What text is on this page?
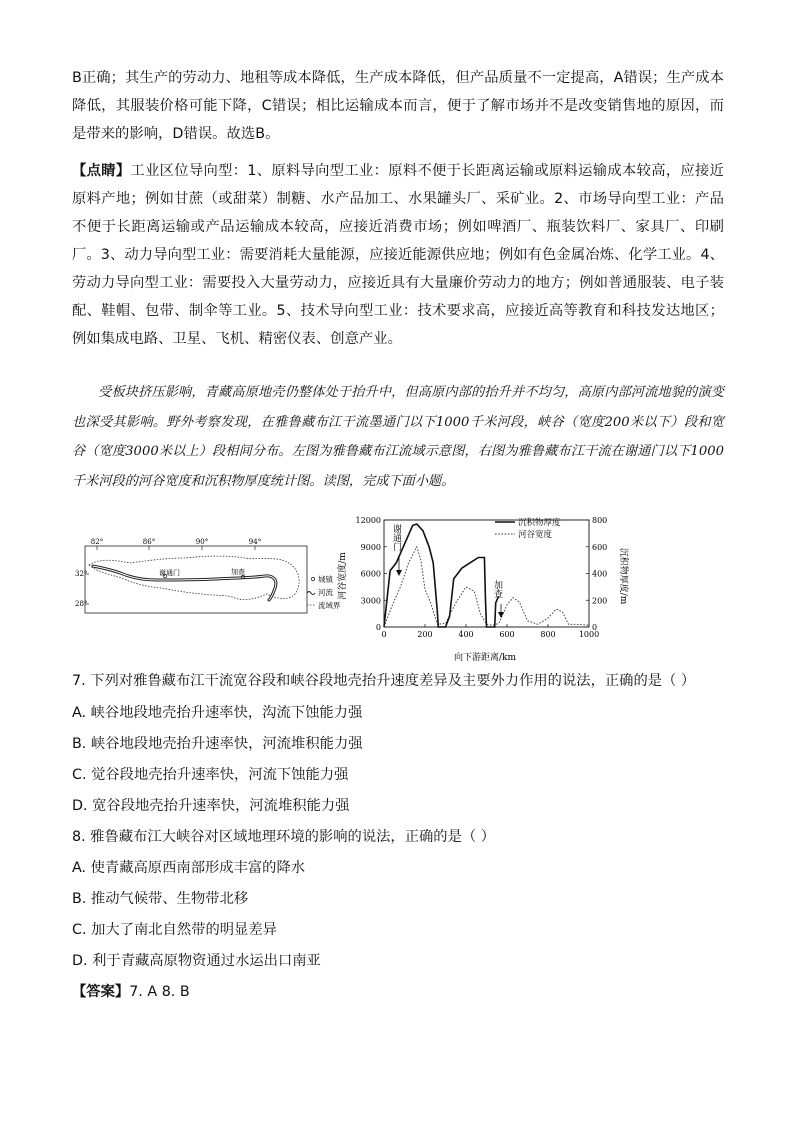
B正确；其生产的劳动力、地租等成本降低，生产成本降低，但产品质量不一定提高，A错误；生产成本降低，其服装价格可能下降，C错误；相比运输成本而言，便于了解市场并不是改变销售地的原因，而是带来的影响，D错误。故选B。

【点睛】工业区位导向型：1、原料导向型工业：原料不便于长距离运输或原料运输成本较高，应接近原料产地；例如甘蔗（或甜菜）制糖、水产品加工、水果罐头厂、采矿业。2、市场导向型工业：产品不便于长距离运输或产品运输成本较高，应接近消费市场；例如啤酒厂、瓶装饮料厂、家具厂、印刷厂。3、动力导向型工业：需要消耗大量能源，应接近能源供应地；例如有色金属冶炼、化学工业。4、劳动力导向型工业：需要投入大量劳动力，应接近具有大量廉价劳动力的地方；例如普通服装、电子装配、鞋帽、包带、制伞等工业。5、技术导向型工业：技术要求高，应接近高等教育和科技发达地区；例如集成电路、卫星、飞机、精密仪表、创意产业。

受板块挤压影响，青藏高原地壳仍整体处于抬升中，但高原内部的抬升并不均匀，高原内部河流地貌的演变也深受其影响。野外考察发现，在雅鲁藏布江干流墨通门以下1000千米河段，峡谷（宽度200米以下）段和宽谷（宽度3000米以上）段相间分布。左图为雅鲁藏布江流域示意图，右图为雅鲁藏布江干流在谢通门以下1000千米河段的河谷宽度和沉积物厚度统计图。读图，完成下面小题。

82°	86°	90°	94°
32°
28°
谢通门	加查
城镇
河流
流域界
0	200	400	600	800	1000
0
3000
6000
9000
12000
0
200
400
600
800
谢通门
加查
沉积物厚度
河谷宽度
河谷宽度/m	沉积物厚度/m
向下游距离/km

7. 下列对雅鲁藏布江干流宽谷段和峡谷段地壳抬升速度差异及主要外力作用的说法，正确的是（ ）

A. 峡谷地段地壳抬升速率快，沟流下蚀能力强

B. 峡谷地段地壳抬升速率快，河流堆积能力强

C. 觉谷段地壳抬升速率快，河流下蚀能力强

D. 宽谷段地壳抬升速率快，河流堆积能力强

8. 雅鲁藏布江大峡谷对区域地理环境的影响的说法，正确的是（ ）

A. 使青藏高原西南部形成丰富的降水

B. 推动气候带、生物带北移

C. 加大了南北自然带的明显差异

D. 利于青藏高原物资通过水运出口南亚

【答案】7. A 8. B
